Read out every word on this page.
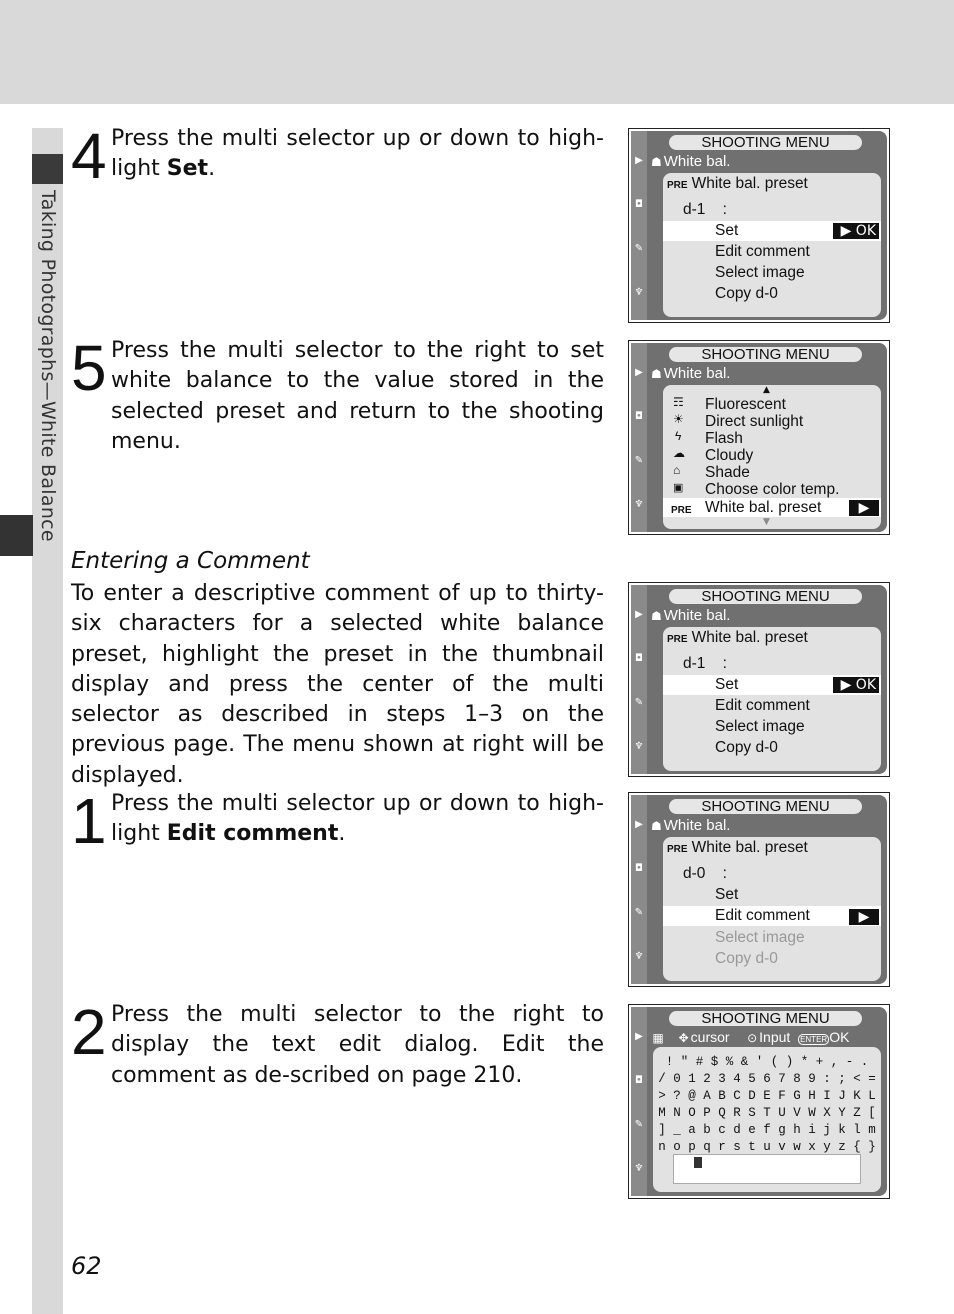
Taking Photographs—White Balance
4 Press the multi selector up or down to high-light Set.
5 Press the multi selector to the right to set white balance to the value stored in the selected preset and return to the shooting menu.
Entering a Comment
To enter a descriptive comment of up to thirty-six characters for a selected white balance preset, highlight the preset in the thumbnail display and press the center of the multi selector as described in steps 1–3 on the previous page. The menu shown at right will be displayed.
1 Press the multi selector up or down to high-light Edit comment.
2 Press the multi selector to the right to display the text edit dialog. Edit the comment as de-scribed on page 210.
62
▶
◘
✎
♆
SHOOTING MENU
☗ White bal.
PRE White bal. preset
d-1 :
Set	▶ OK
Edit comment
Select image
Copy d-0
▶
◘
✎
♆
SHOOTING MENU
☗ White bal.
▲
☶ Fluorescent
☀ Direct sunlight
ϟ Flash
☁ Cloudy
⌂ Shade
▣ Choose color temp.
PRE White bal. preset	▶
▼
▶
◘
✎
♆
SHOOTING MENU
☗ White bal.
PRE White bal. preset
d-1 :
Set	▶ OK
Edit comment
Select image
Copy d-0
▶
◘
✎
♆
SHOOTING MENU
☗ White bal.
PRE White bal. preset
d-0 :
Set
Edit comment	▶
Select image
Copy d-0
▶
◘
✎
♆
SHOOTING MENU
▦ ✥ cursor ⊙ Input ENTER OK
! " # $ % & ' ( ) * + , - .
/ 0 1 2 3 4 5 6 7 8 9 : ; < =
> ? @ A B C D E F G H I J K L
M N O P Q R S T U V W X Y Z [
] _ a b c d e f g h i j k l m
n o p q r s t u v w x y z { }
